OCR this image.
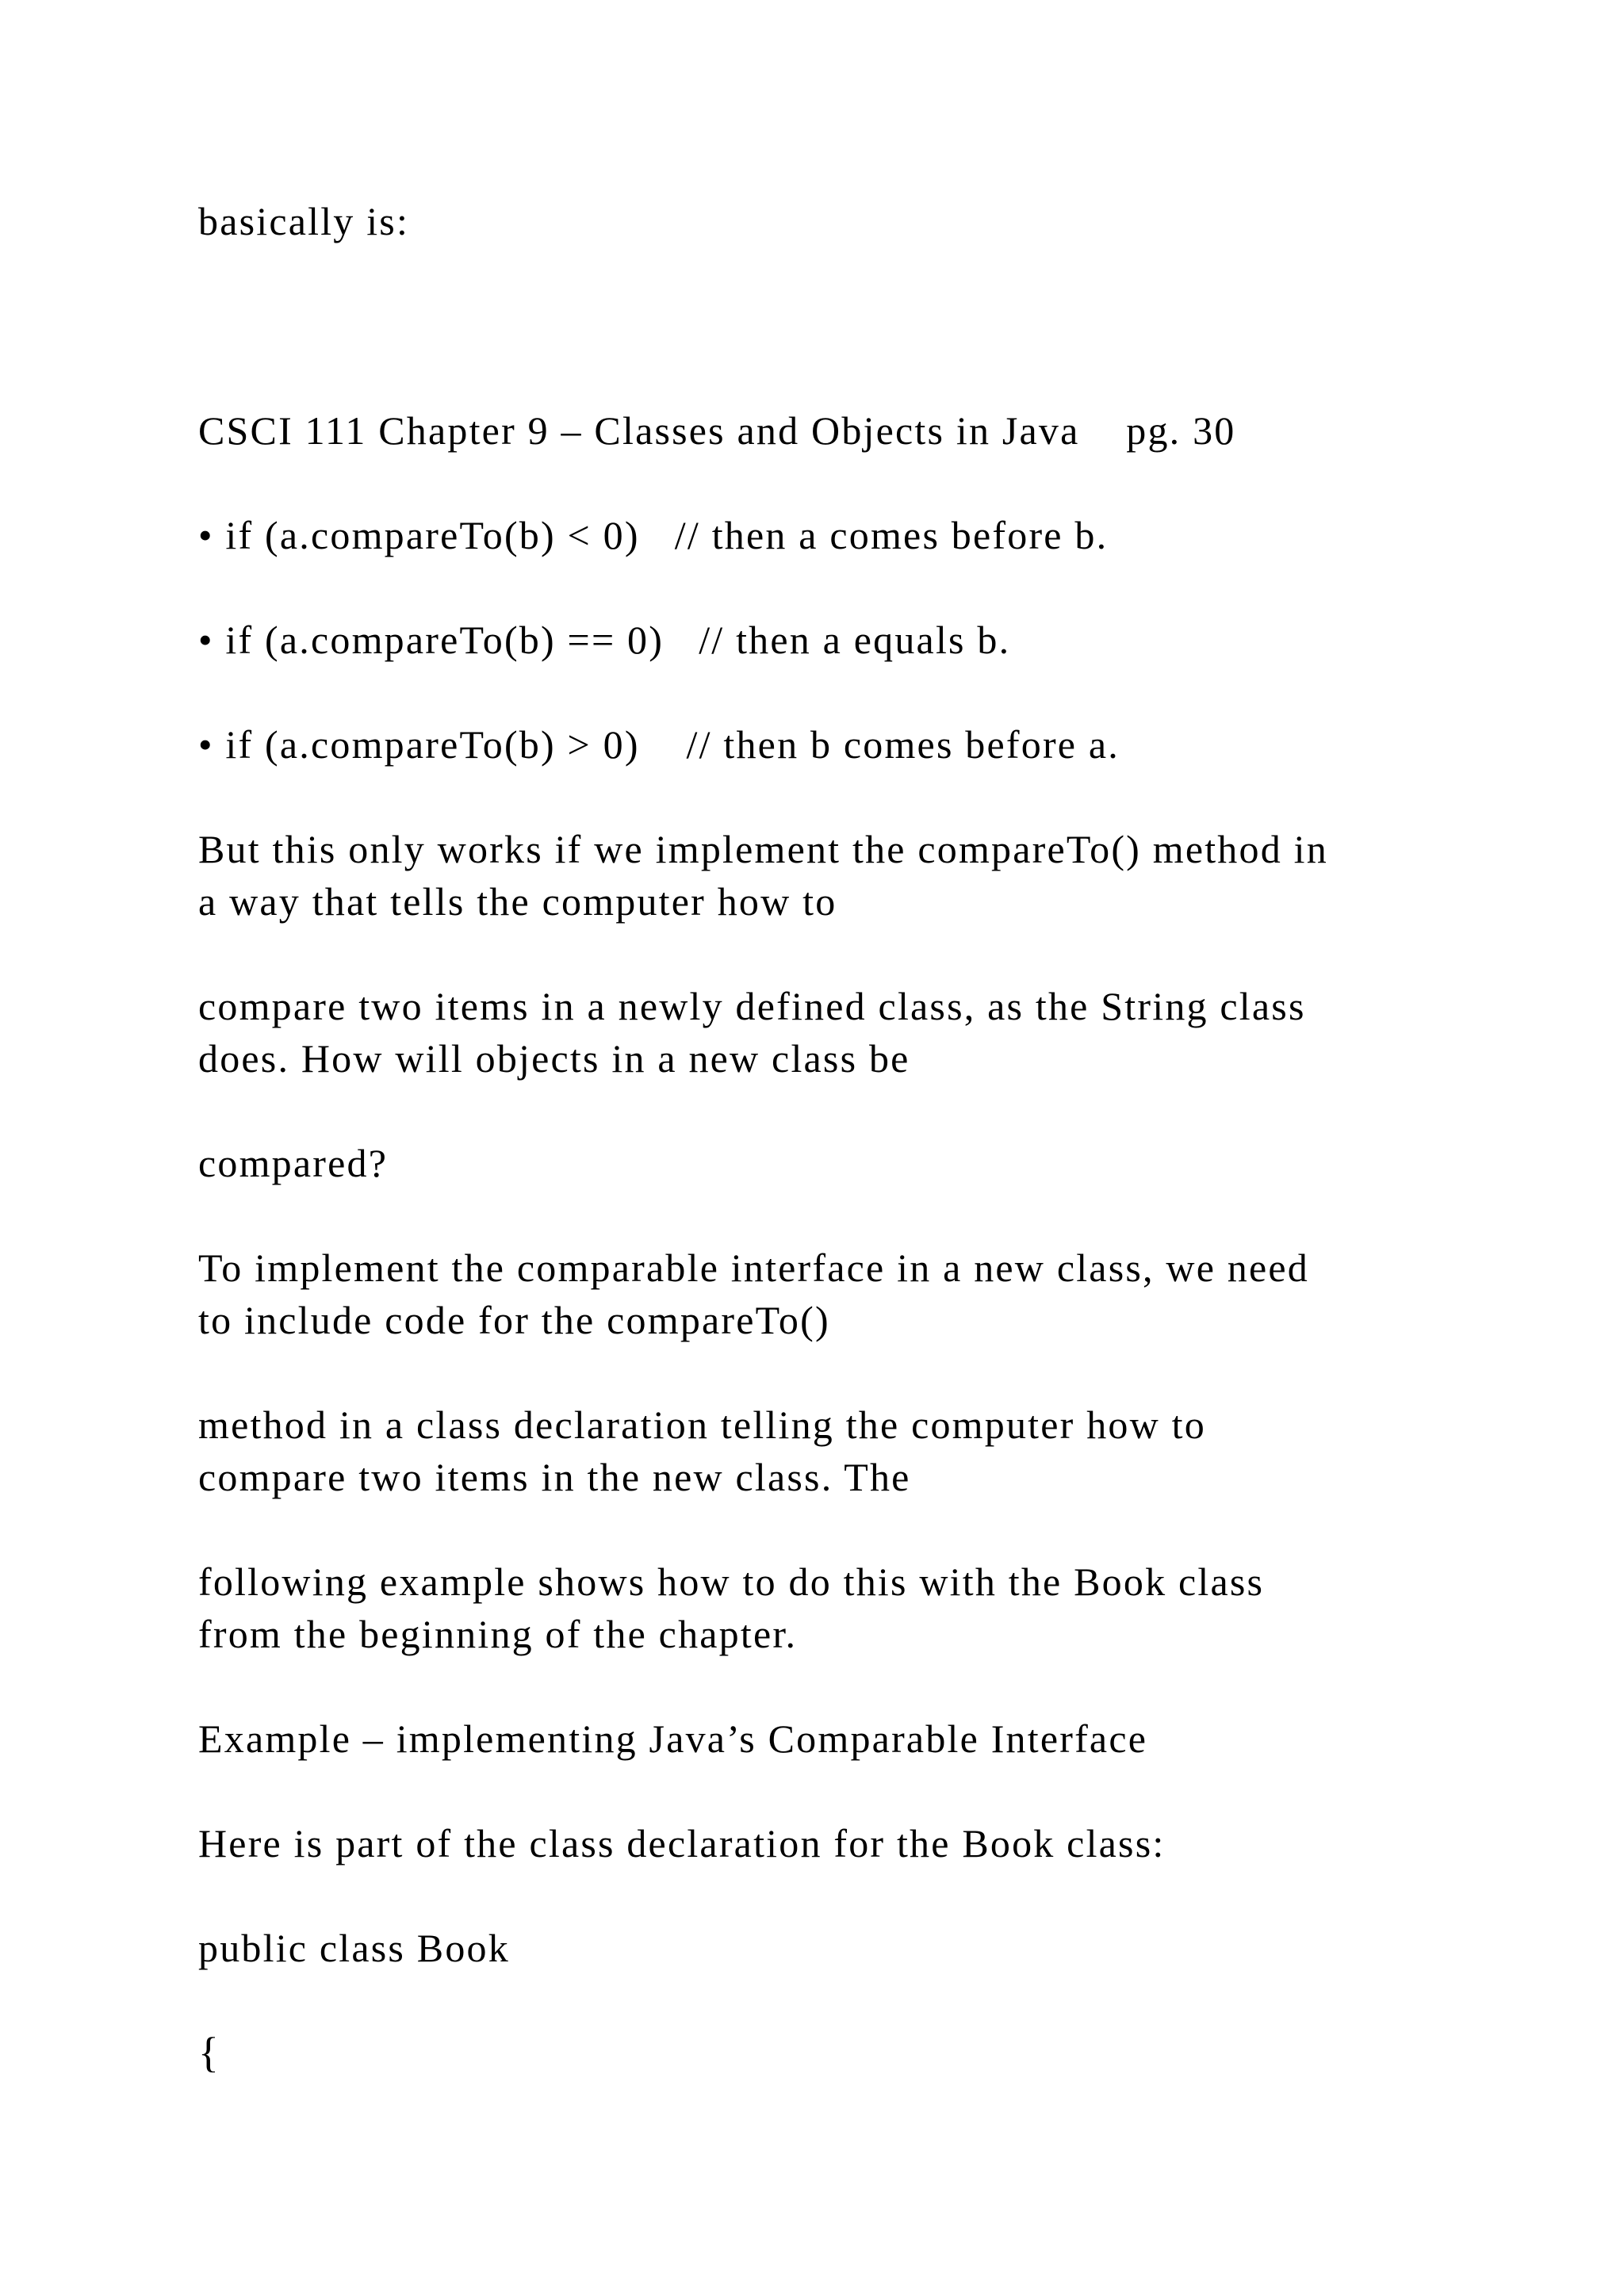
basically is:
CSCI 111 Chapter 9 – Classes and Objects in Java    pg. 30
• if (a.compareTo(b) < 0)   // then a comes before b.
• if (a.compareTo(b) == 0)   // then a equals b.
• if (a.compareTo(b) > 0)    // then b comes before a.
But this only works if we implement the compareTo() method in
a way that tells the computer how to
compare two items in a newly defined class, as the String class
does. How will objects in a new class be
compared?
To implement the comparable interface in a new class, we need
to include code for the compareTo()
method in a class declaration telling the computer how to
compare two items in the new class. The
following example shows how to do this with the Book class
from the beginning of the chapter.
Example – implementing Java’s Comparable Interface
Here is part of the class declaration for the Book class:
public class Book
{
